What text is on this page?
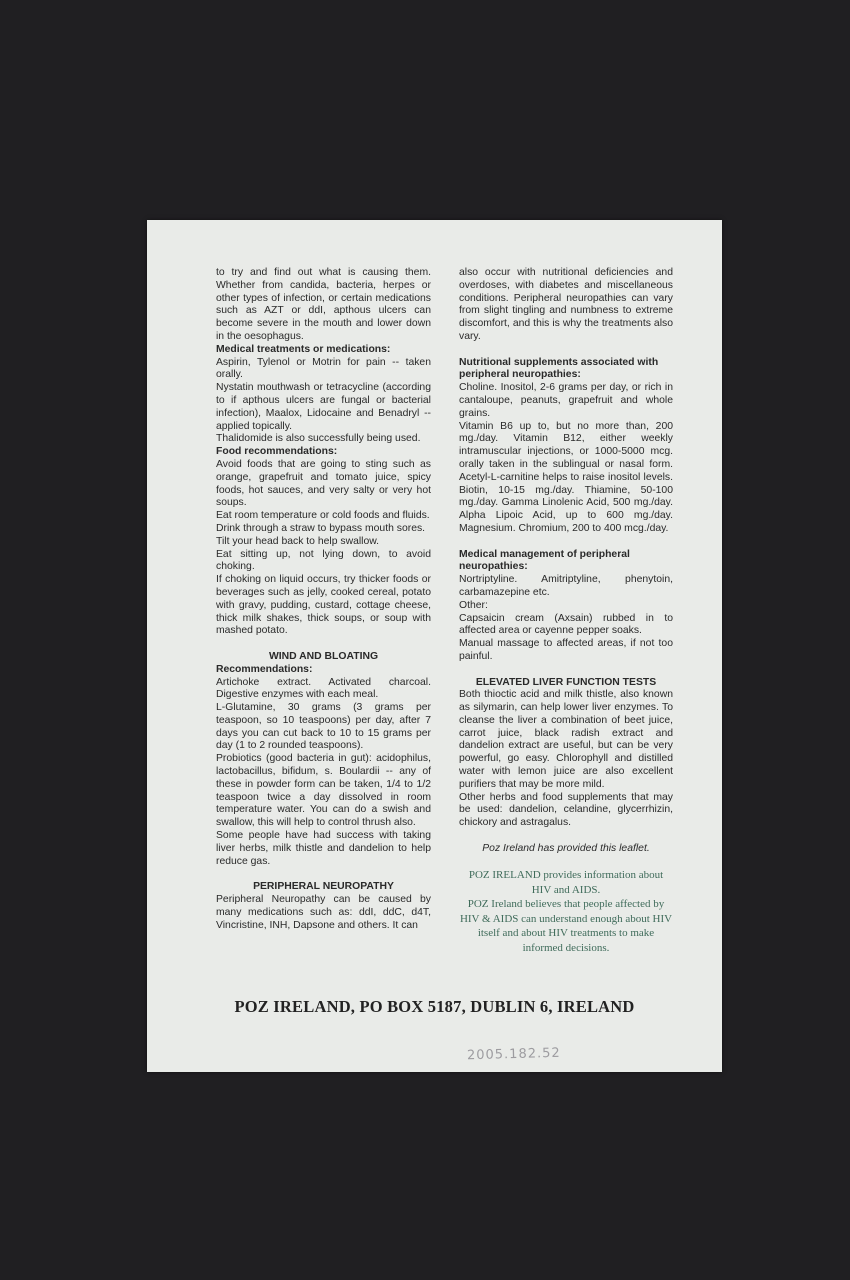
to try and find out what is causing them. Whether from candida, bacteria, herpes or other types of infection, or certain medications such as AZT or ddI, apthous ulcers can become severe in the mouth and lower down in the oesophagus.

Medical treatments or medications:

Aspirin, Tylenol or Motrin for pain -- taken orally.

Nystatin mouthwash or tetracycline (according to if apthous ulcers are fungal or bacterial infection), Maalox, Lidocaine and Benadryl -- applied topically.

Thalidomide is also successfully being used.

Food recommendations:

Avoid foods that are going to sting such as orange, grapefruit and tomato juice, spicy foods, hot sauces, and very salty or very hot soups.

Eat room temperature or cold foods and fluids.

Drink through a straw to bypass mouth sores.

Tilt your head back to help swallow.

Eat sitting up, not lying down, to avoid choking.

If choking on liquid occurs, try thicker foods or beverages such as jelly, cooked cereal, potato with gravy, pudding, custard, cottage cheese, thick milk shakes, thick soups, or soup with mashed potato.

WIND AND BLOATING

Recommendations:

Artichoke extract. Activated charcoal. Digestive enzymes with each meal.

L-Glutamine, 30 grams (3 grams per teaspoon, so 10 teaspoons) per day, after 7 days you can cut back to 10 to 15 grams per day (1 to 2 rounded teaspoons).

Probiotics (good bacteria in gut): acidophilus, lactobacillus, bifidum, s. Boulardii -- any of these in powder form can be taken, 1/4 to 1/2 teaspoon twice a day dissolved in room temperature water. You can do a swish and swallow, this will help to control thrush also.

Some people have had success with taking liver herbs, milk thistle and dandelion to help reduce gas.

PERIPHERAL NEUROPATHY

Peripheral Neuropathy can be caused by many medications such as: ddI, ddC, d4T, Vincristine, INH, Dapsone and others. It can

also occur with nutritional deficiencies and overdoses, with diabetes and miscellaneous conditions. Peripheral neuropathies can vary from slight tingling and numbness to extreme discomfort, and this is why the treatments also vary.

Nutritional supplements associated with peripheral neuropathies:

Choline. Inositol, 2-6 grams per day, or rich in cantaloupe, peanuts, grapefruit and whole grains.

Vitamin B6 up to, but no more than, 200 mg./day. Vitamin B12, either weekly intramuscular injections, or 1000-5000 mcg. orally taken in the sublingual or nasal form. Acetyl-L-carnitine helps to raise inositol levels. Biotin, 10-15 mg./day. Thiamine, 50-100 mg./day. Gamma Linolenic Acid, 500 mg./day. Alpha Lipoic Acid, up to 600 mg./day. Magnesium. Chromium, 200 to 400 mcg./day.

Medical management of peripheral neuropathies:

Nortriptyline. Amitriptyline, phenytoin, carbamazepine etc.

Other:

Capsaicin cream (Axsain) rubbed in to affected area or cayenne pepper soaks.

Manual massage to affected areas, if not too painful.

ELEVATED LIVER FUNCTION TESTS

Both thioctic acid and milk thistle, also known as silymarin, can help lower liver enzymes. To cleanse the liver a combination of beet juice, carrot juice, black radish extract and dandelion extract are useful, but can be very powerful, go easy. Chlorophyll and distilled water with lemon juice are also excellent purifiers that may be more mild.

Other herbs and food supplements that may be used: dandelion, celandine, glycerrhizin, chickory and astragalus.

Poz Ireland has provided this leaflet.

POZ IRELAND provides information about HIV and AIDS.

POZ Ireland believes that people affected by HIV & AIDS can understand enough about HIV itself and about HIV treatments to make informed decisions.

POZ IRELAND, PO BOX 5187, DUBLIN 6, IRELAND
2005.182.52
